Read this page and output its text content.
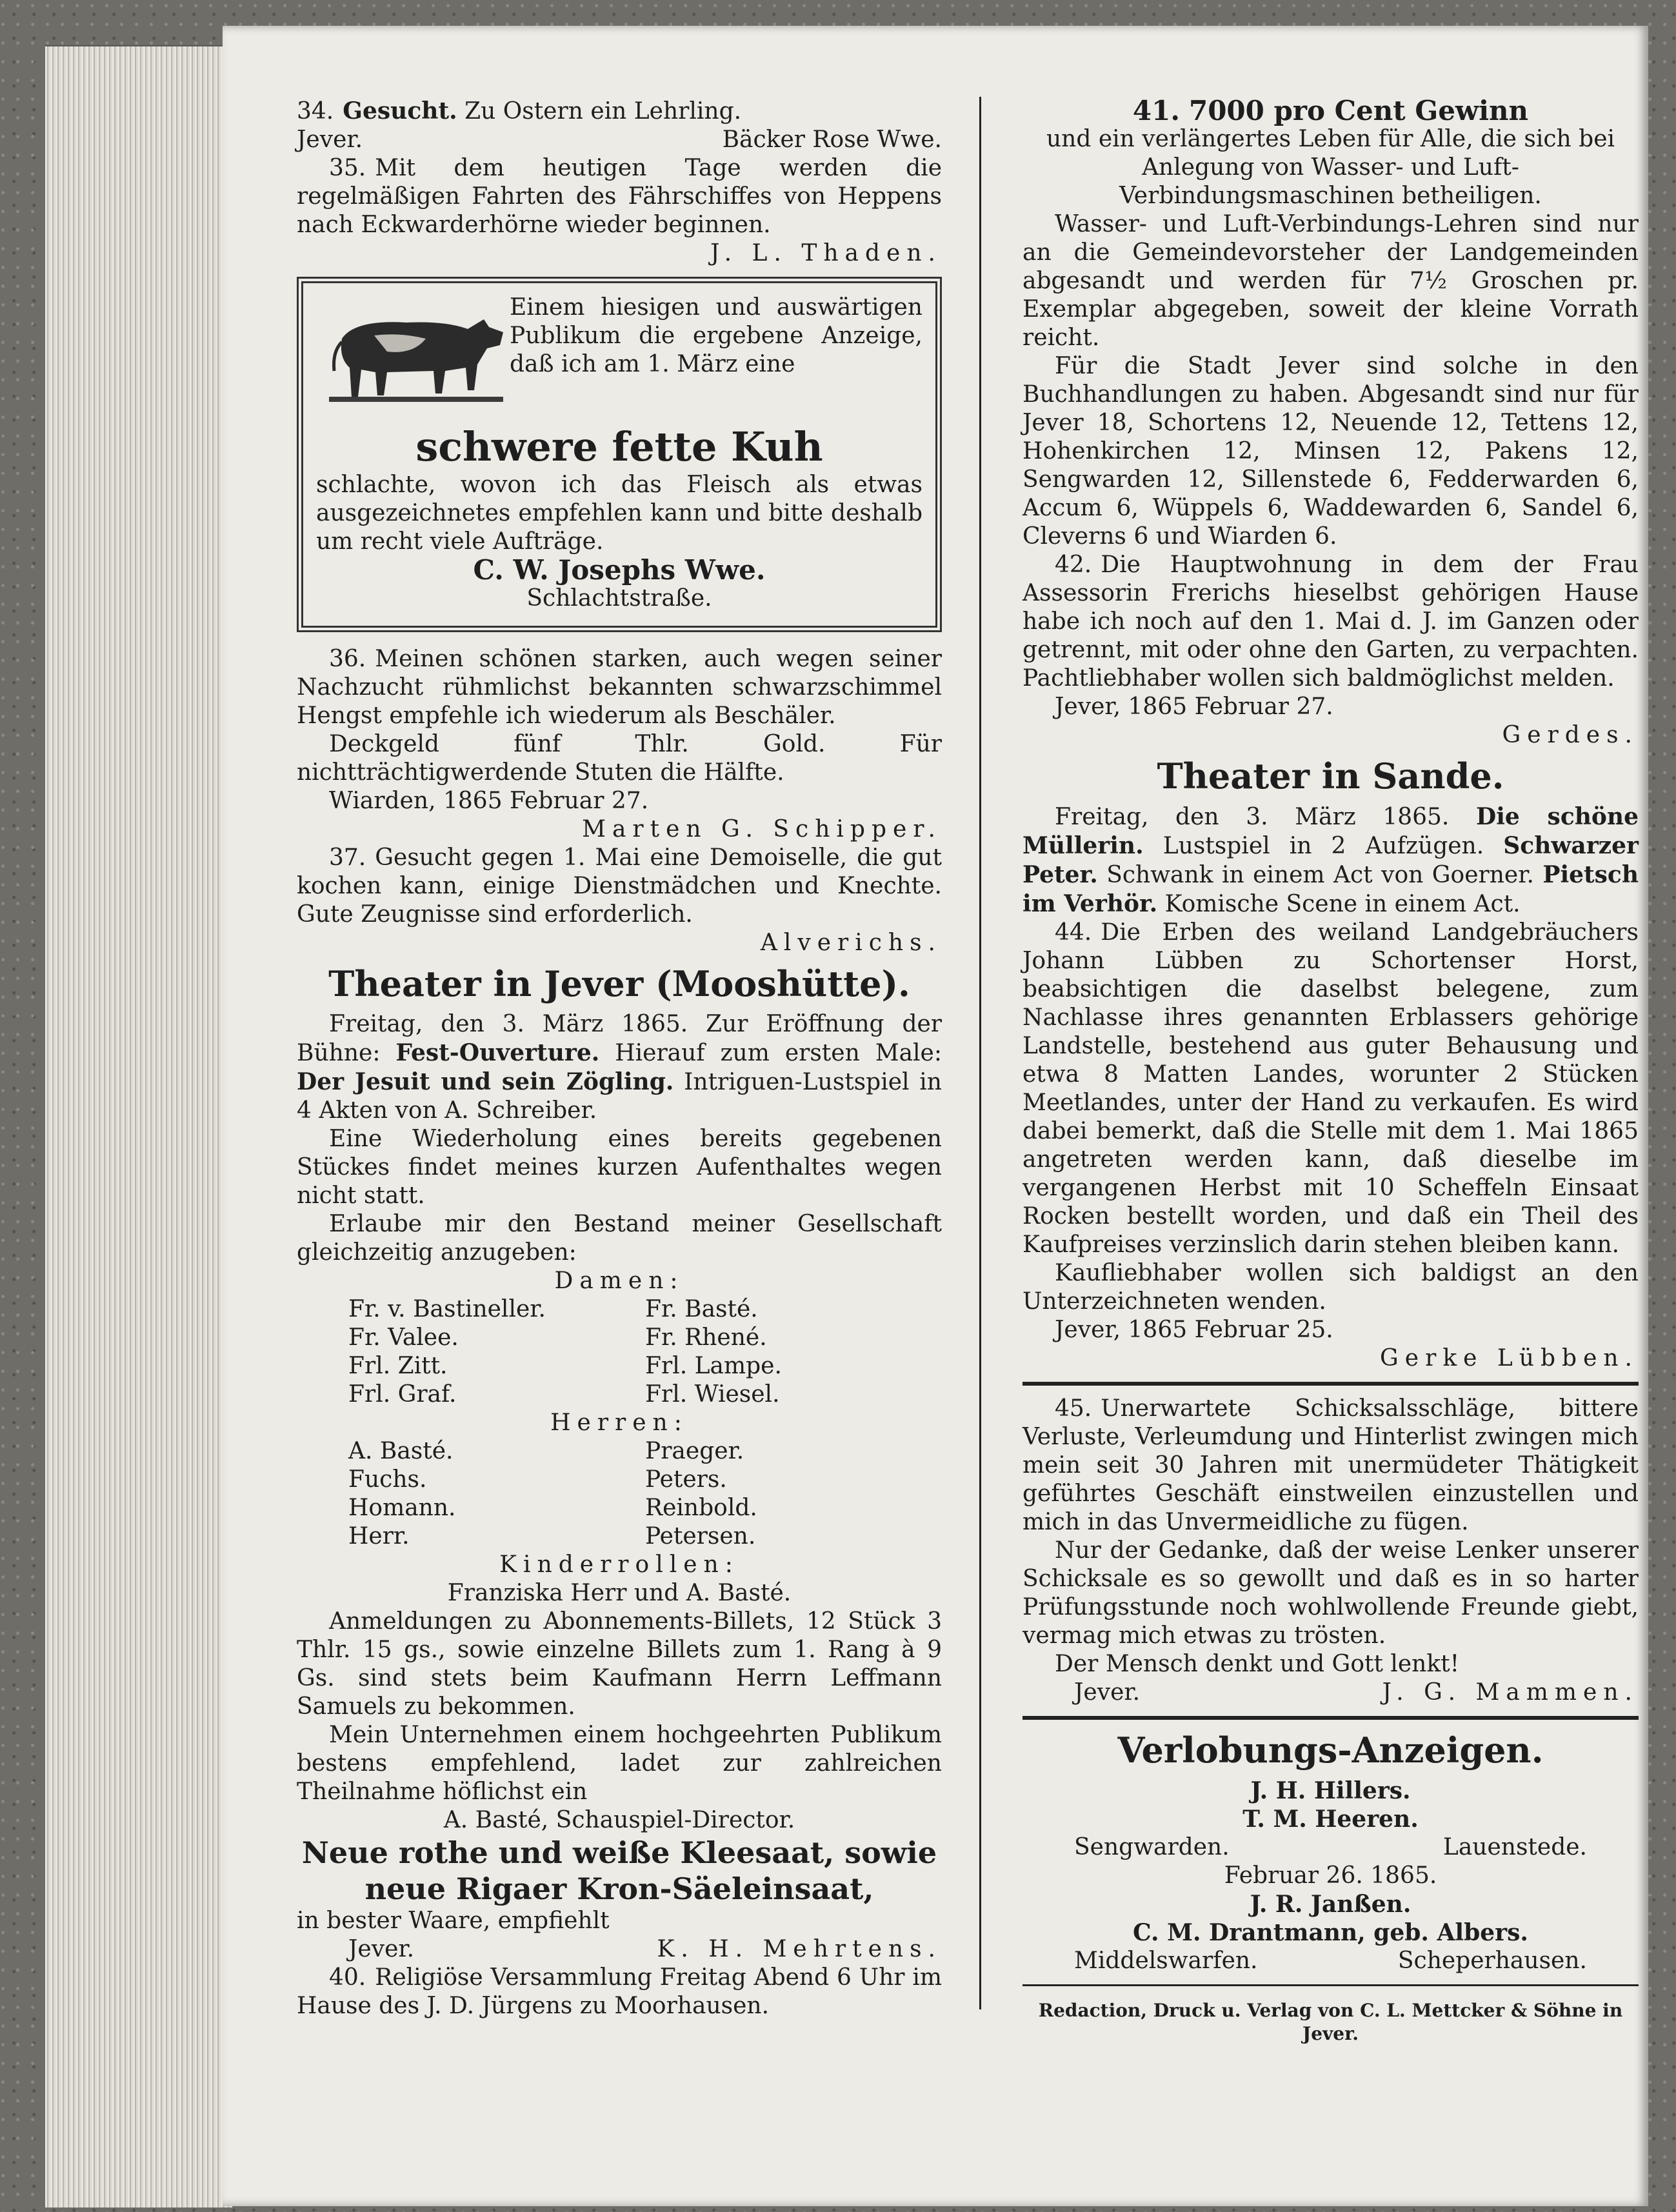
34. Gesucht. Zu Ostern ein Lehrling.

Jever.	Bäcker Rose Wwe.

35. Mit dem heutigen Tage werden die regelmäßigen Fahrten des Fährschiffes von Heppens nach Eckwarderhörne wieder beginnen.

J. L. Thaden.

Einem hiesigen und auswärtigen Publikum die ergebene Anzeige, daß ich am 1. März eine

schwere fette Kuh

schlachte, wovon ich das Fleisch als etwas ausgezeichnetes empfehlen kann und bitte deshalb um recht viele Aufträge.

C. W. Josephs Wwe.

Schlachtstraße.

36. Meinen schönen starken, auch wegen seiner Nachzucht rühmlichst bekannten schwarzschimmel Hengst empfehle ich wiederum als Beschäler.

Deckgeld fünf Thlr. Gold. Für nichtträchtigwerdende Stuten die Hälfte.

Wiarden, 1865 Februar 27.

Marten G. Schipper.

37. Gesucht gegen 1. Mai eine Demoiselle, die gut kochen kann, einige Dienstmädchen und Knechte. Gute Zeugnisse sind erforderlich.

Alverichs.

Theater in Jever (Mooshütte).

Freitag, den 3. März 1865. Zur Eröffnung der Bühne: Fest-Ouverture. Hierauf zum ersten Male: Der Jesuit und sein Zögling. Intriguen-Lustspiel in 4 Akten von A. Schreiber.

Eine Wiederholung eines bereits gegebenen Stückes findet meines kurzen Aufenthaltes wegen nicht statt.

Erlaube mir den Bestand meiner Gesellschaft gleichzeitig anzugeben:

Damen:

Fr. v. Bastineller.	Fr. Basté.
Fr. Valee.	Fr. Rhené.
Frl. Zitt.	Frl. Lampe.
Frl. Graf.	Frl. Wiesel.

Herren:

A. Basté.	Praeger.
Fuchs.	Peters.
Homann.	Reinbold.
Herr.	Petersen.

Kinderrollen:

Franziska Herr und A. Basté.

Anmeldungen zu Abonnements-Billets, 12 Stück 3 Thlr. 15 gs., sowie einzelne Billets zum 1. Rang à 9 Gs. sind stets beim Kaufmann Herrn Leffmann Samuels zu bekommen.

Mein Unternehmen einem hochgeehrten Publikum bestens empfehlend, ladet zur zahlreichen Theilnahme höflichst ein

A. Basté, Schauspiel-Director.

Neue rothe und weiße Kleesaat, sowie neue Rigaer Kron-Säeleinsaat,

in bester Waare, empfiehlt

Jever.	K. H. Mehrtens.

40. Religiöse Versammlung Freitag Abend 6 Uhr im Hause des J. D. Jürgens zu Moorhausen.

41. 7000 pro Cent Gewinn

und ein verlängertes Leben für Alle, die sich bei Anlegung von Wasser- und Luft-Verbindungsmaschinen betheiligen.

Wasser- und Luft-Verbindungs-Lehren sind nur an die Gemeindevorsteher der Landgemeinden abgesandt und werden für 7½ Groschen pr. Exemplar abgegeben, soweit der kleine Vorrath reicht.

Für die Stadt Jever sind solche in den Buchhandlungen zu haben. Abgesandt sind nur für Jever 18, Schortens 12, Neuende 12, Tettens 12, Hohenkirchen 12, Minsen 12, Pakens 12, Sengwarden 12, Sillenstede 6, Fedderwarden 6, Accum 6, Wüppels 6, Waddewarden 6, Sandel 6, Cleverns 6 und Wiarden 6.

42. Die Hauptwohnung in dem der Frau Assessorin Frerichs hieselbst gehörigen Hause habe ich noch auf den 1. Mai d. J. im Ganzen oder getrennt, mit oder ohne den Garten, zu verpachten. Pachtliebhaber wollen sich baldmöglichst melden.

Jever, 1865 Februar 27.

Gerdes.

Theater in Sande.

Freitag, den 3. März 1865. Die schöne Müllerin. Lustspiel in 2 Aufzügen. Schwarzer Peter. Schwank in einem Act von Goerner. Pietsch im Verhör. Komische Scene in einem Act.

44. Die Erben des weiland Landgebräuchers Johann Lübben zu Schortenser Horst, beabsichtigen die daselbst belegene, zum Nachlasse ihres genannten Erblassers gehörige Landstelle, bestehend aus guter Behausung und etwa 8 Matten Landes, worunter 2 Stücken Meetlandes, unter der Hand zu verkaufen. Es wird dabei bemerkt, daß die Stelle mit dem 1. Mai 1865 angetreten werden kann, daß dieselbe im vergangenen Herbst mit 10 Scheffeln Einsaat Rocken bestellt worden, und daß ein Theil des Kaufpreises verzinslich darin stehen bleiben kann.

Kaufliebhaber wollen sich baldigst an den Unterzeichneten wenden.

Jever, 1865 Februar 25.

Gerke Lübben.

45. Unerwartete Schicksalsschläge, bittere Verluste, Verleumdung und Hinterlist zwingen mich mein seit 30 Jahren mit unermüdeter Thätigkeit geführtes Geschäft einstweilen einzustellen und mich in das Unvermeidliche zu fügen.

Nur der Gedanke, daß der weise Lenker unserer Schicksale es so gewollt und daß es in so harter Prüfungsstunde noch wohlwollende Freunde giebt, vermag mich etwas zu trösten.

Der Mensch denkt und Gott lenkt!

Jever.	J. G. Mammen.

Verlobungs-Anzeigen.

J. H. Hillers.

T. M. Heeren.

Sengwarden.	Lauenstede.

Februar 26. 1865.

J. R. Janßen.

C. M. Drantmann, geb. Albers.

Middelswarfen.	Scheperhausen.

Redaction, Druck u. Verlag von C. L. Mettcker & Söhne in Jever.
